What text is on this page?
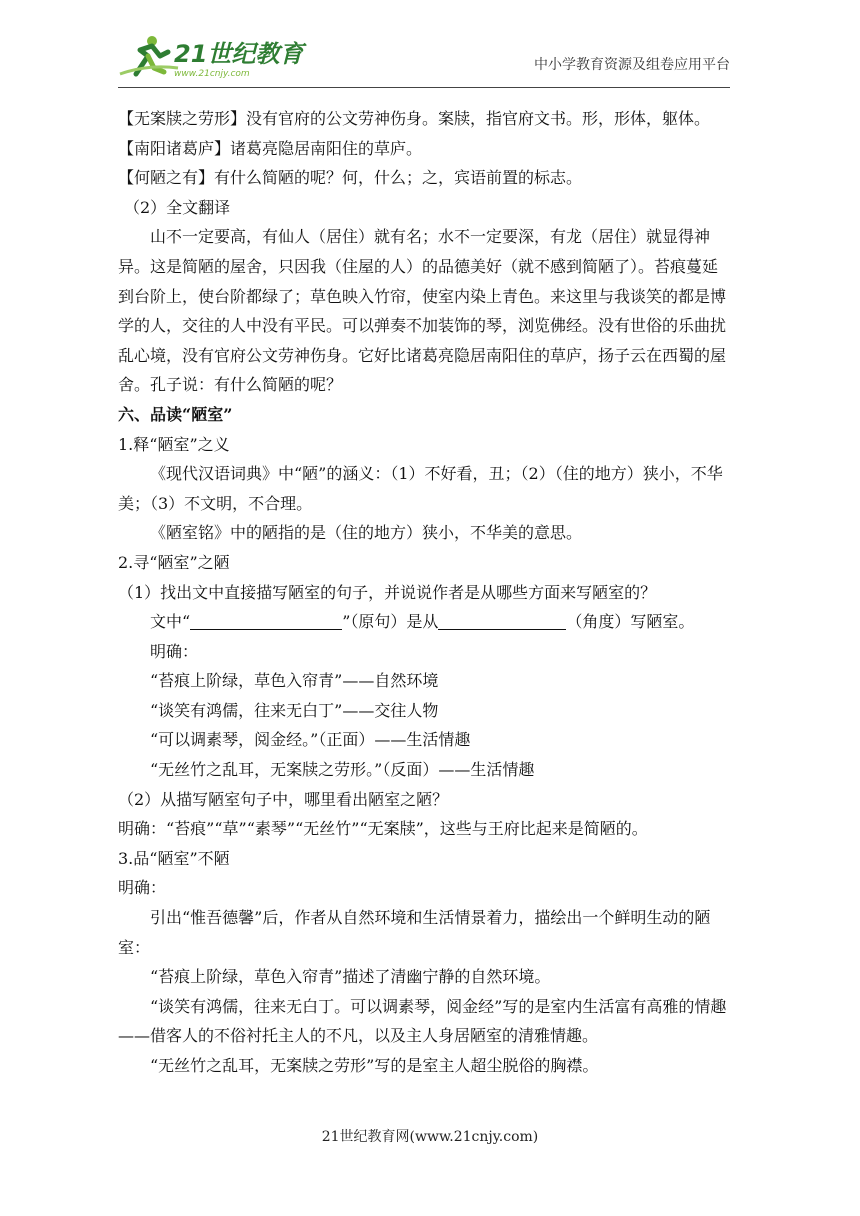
21世纪教育
www.21cnjy.com
中小学教育资源及组卷应用平台
【无案牍之劳形】没有官府的公文劳神伤身。案牍，指官府文书。形，形体，躯体。
【南阳诸葛庐】诸葛亮隐居南阳住的草庐。
【何陋之有】有什么简陋的呢？何，什么；之，宾语前置的标志。
（2）全文翻译
山不一定要高，有仙人（居住）就有名；水不一定要深，有龙（居住）就显得神异。这是简陋的屋舍，只因我（住屋的人）的品德美好（就不感到简陋了）。苔痕蔓延到台阶上，使台阶都绿了；草色映入竹帘，使室内染上青色。来这里与我谈笑的都是博学的人，交往的人中没有平民。可以弹奏不加装饰的琴，浏览佛经。没有世俗的乐曲扰乱心境，没有官府公文劳神伤身。它好比诸葛亮隐居南阳住的草庐，扬子云在西蜀的屋舍。孔子说：有什么简陋的呢？
六、品读“陋室”
1.释“陋室”之义
《现代汉语词典》中“陋”的涵义：（1）不好看，丑；（2）（住的地方）狭小，不华美；（3）不文明，不合理。
《陋室铭》中的陋指的是（住的地方）狭小，不华美的意思。
2.寻“陋室”之陋
（1）找出文中直接描写陋室的句子，并说说作者是从哪些方面来写陋室的？
文中“	”（原句）是从	（角度）写陋室。
明确：
“苔痕上阶绿，草色入帘青”——自然环境
“谈笑有鸿儒，往来无白丁”——交往人物
“可以调素琴，阅金经。”（正面）——生活情趣
“无丝竹之乱耳，无案牍之劳形。”（反面）——生活情趣
（2）从描写陋室句子中，哪里看出陋室之陋？
明确：“苔痕”“草”“素琴”“无丝竹”“无案牍”，这些与王府比起来是简陋的。
3.品“陋室”不陋
明确：
引出“惟吾德馨”后，作者从自然环境和生活情景着力，描绘出一个鲜明生动的陋室：
“苔痕上阶绿，草色入帘青”描述了清幽宁静的自然环境。
“谈笑有鸿儒，往来无白丁。可以调素琴，阅金经”写的是室内生活富有高雅的情趣——借客人的不俗衬托主人的不凡，以及主人身居陋室的清雅情趣。
“无丝竹之乱耳，无案牍之劳形”写的是室主人超尘脱俗的胸襟。
21世纪教育网(www.21cnjy.com)
